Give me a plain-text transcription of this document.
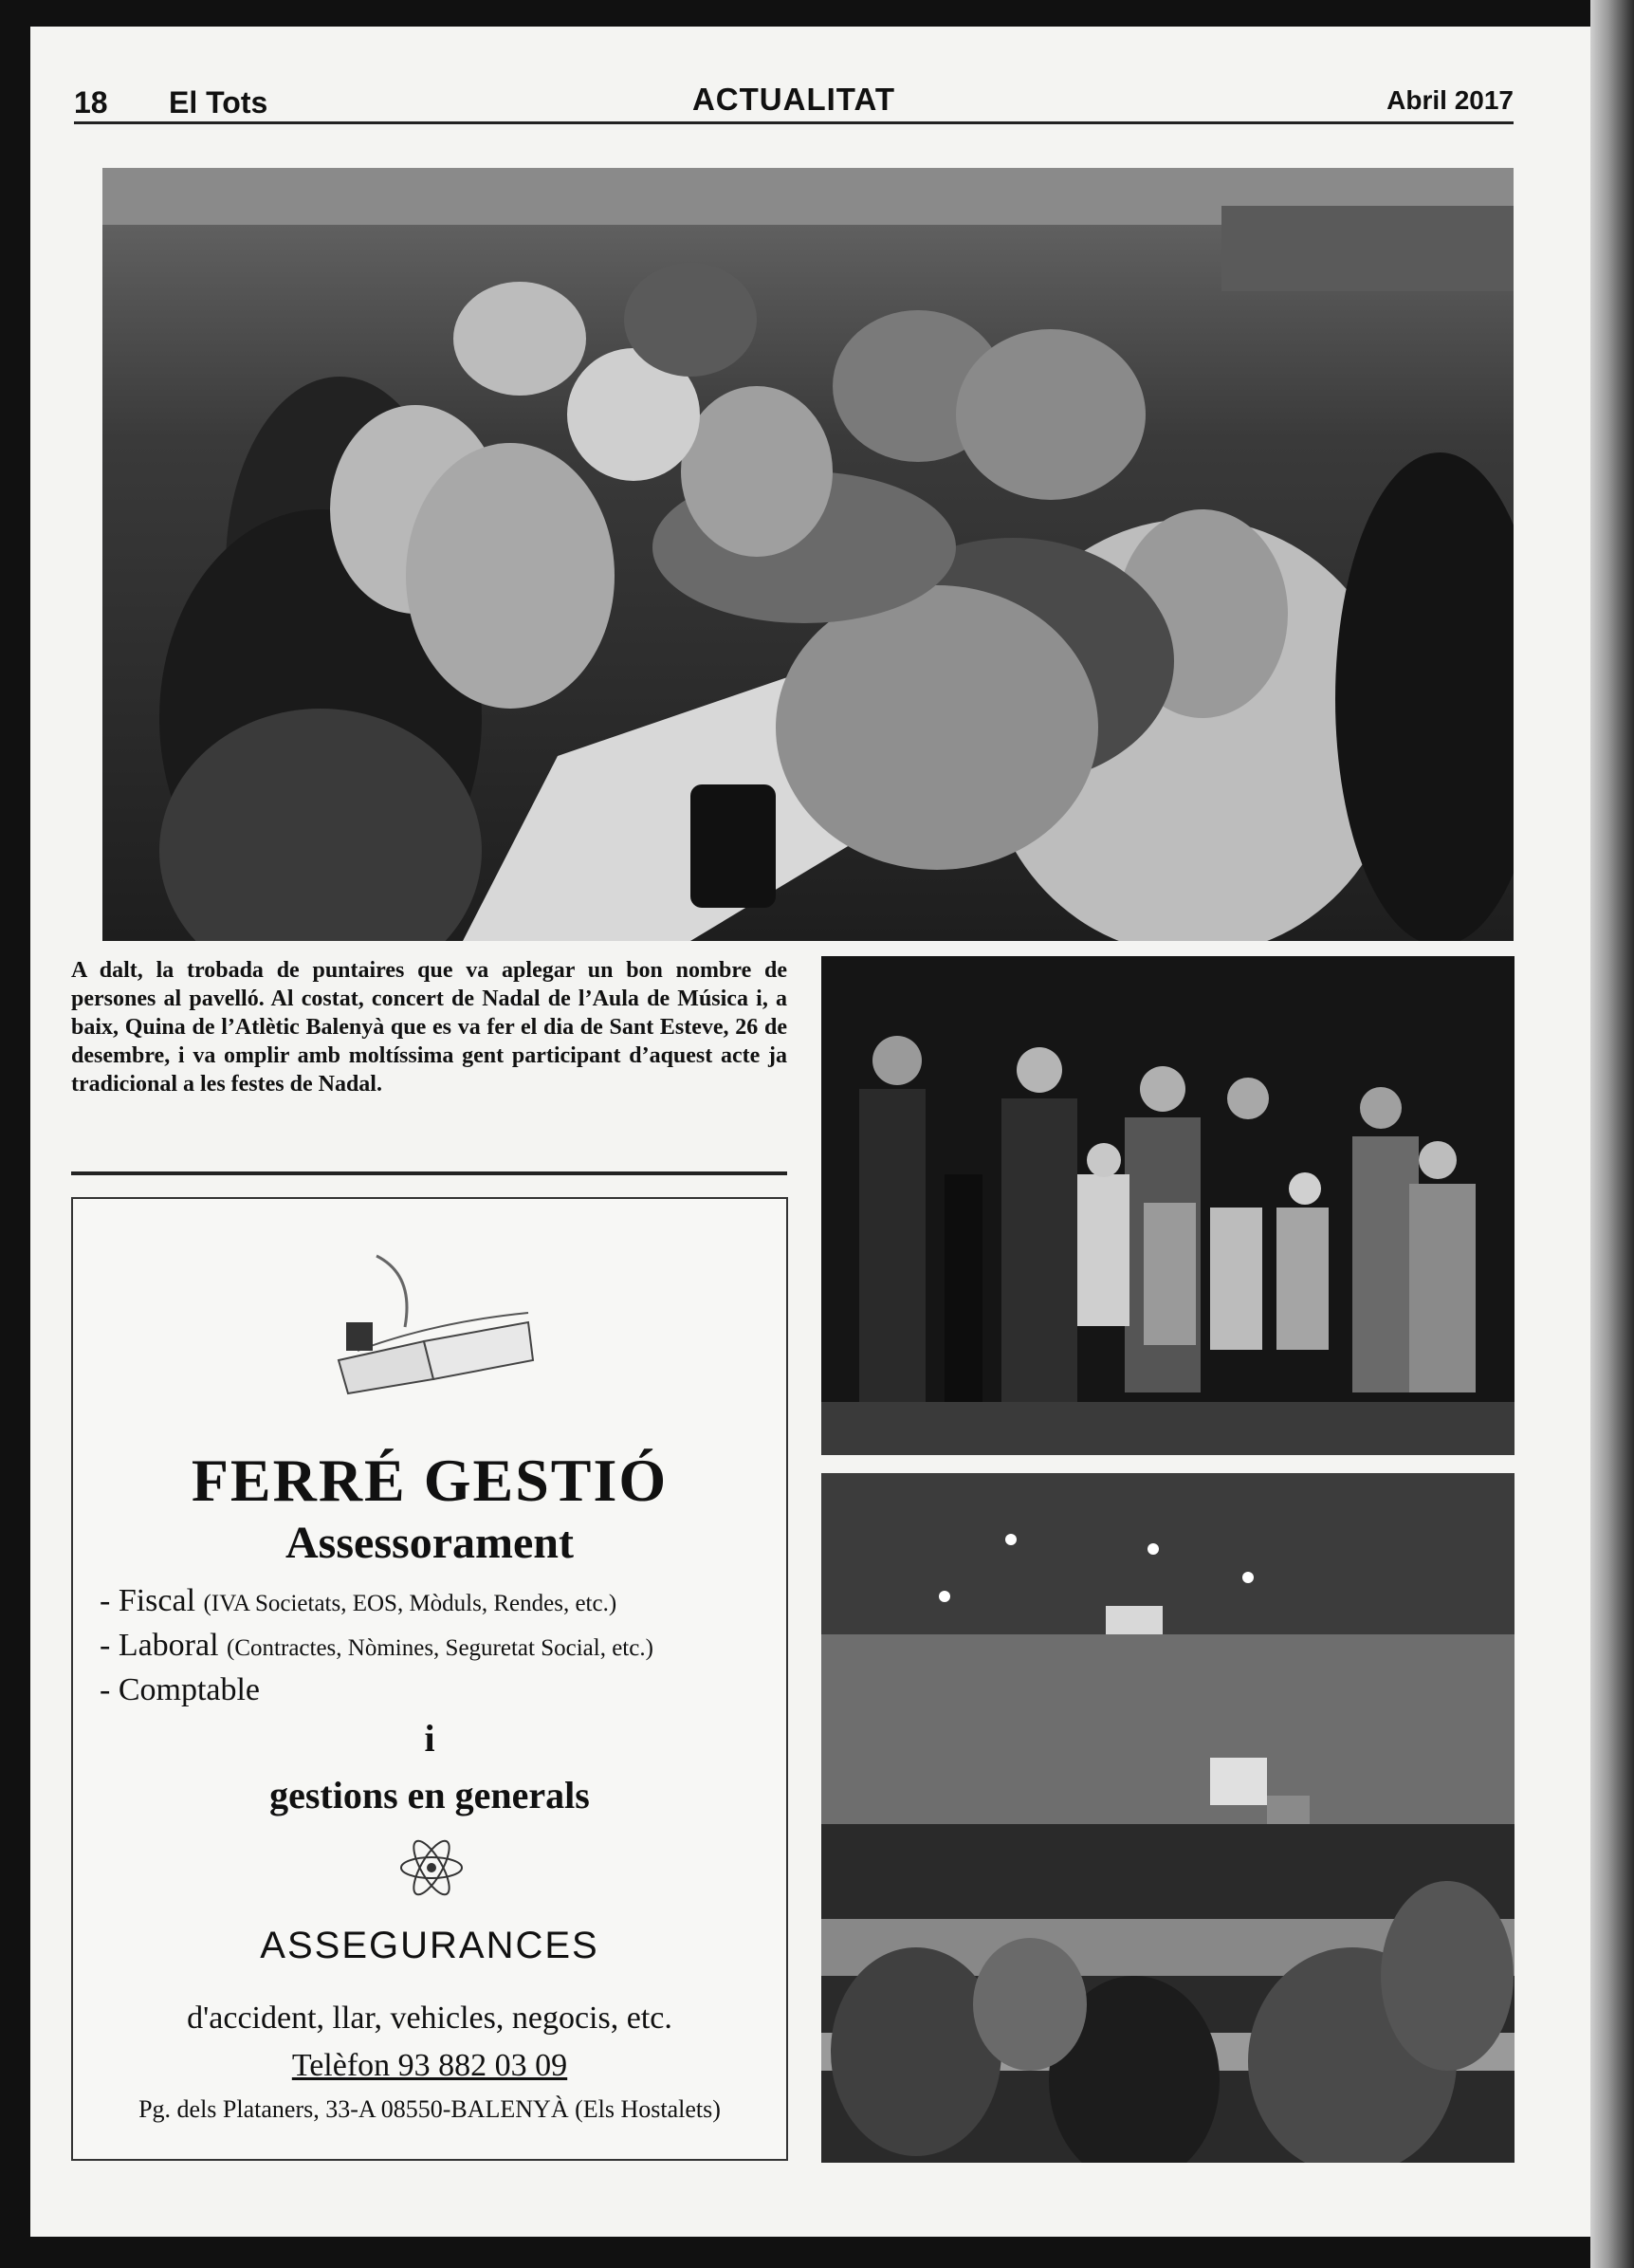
18 El Tots	ACTUALITAT	Abril 2017
A dalt, la trobada de puntaires que va aplegar un bon nombre de persones al pavelló. Al costat, concert de Nadal de l’Aula de Música i, a baix, Quina de l’Atlètic Balenyà que es va fer el dia de Sant Esteve, 26 de desembre, i va omplir amb moltíssima gent participant d’aquest acte ja tradicional a les festes de Nadal.
FERRÉ GESTIÓ
Assessorament
- Fiscal (IVA Societats, EOS, Mòduls, Rendes, etc.)
- Laboral (Contractes, Nòmines, Seguretat Social, etc.)
- Comptable
i
gestions en generals
ASSEGURANCES
d'accident, llar, vehicles, negocis, etc.
Telèfon 93 882 03 09
Pg. dels Plataners, 33-A 08550-BALENYÀ (Els Hostalets)
